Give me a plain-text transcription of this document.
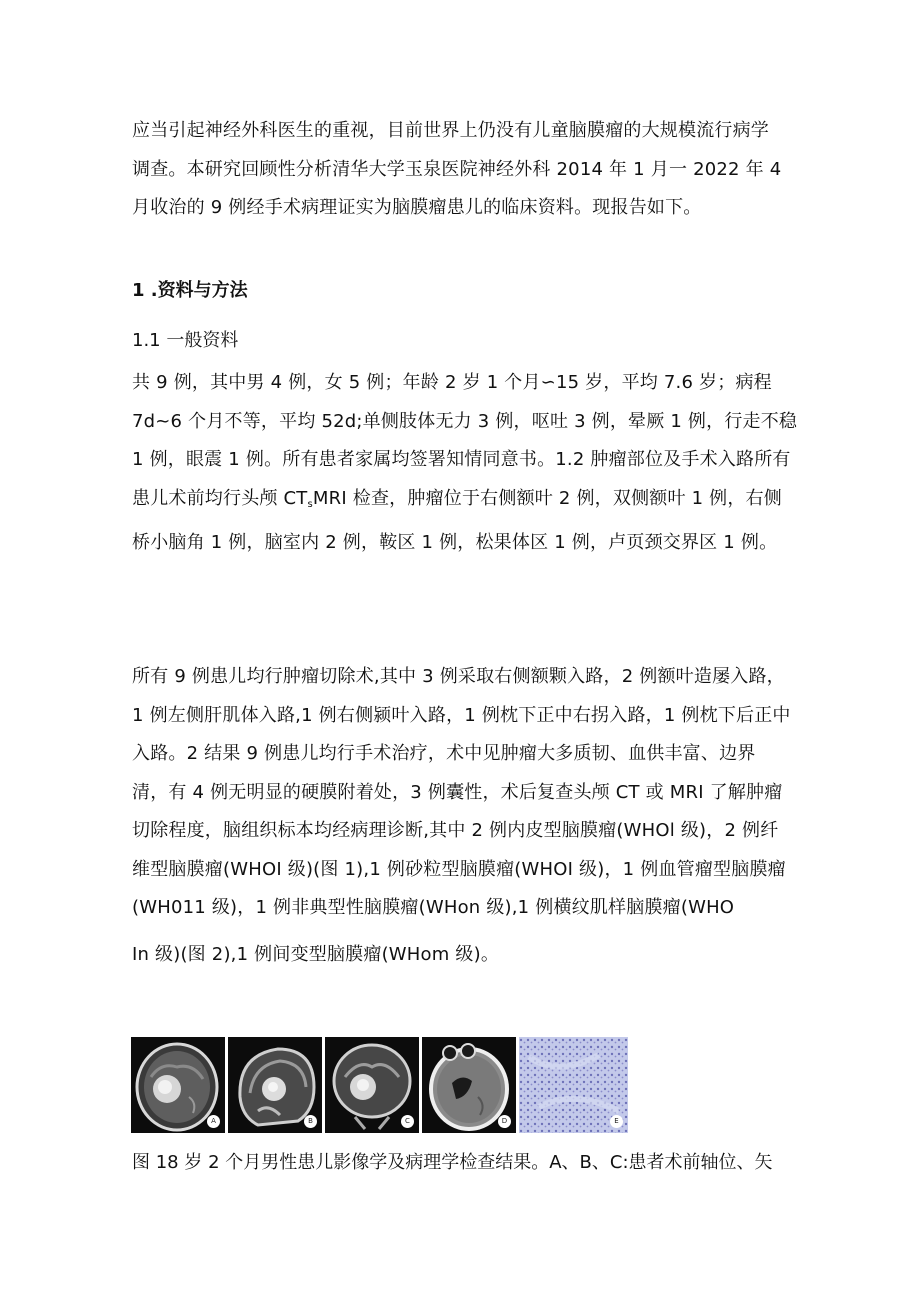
应当引起神经外科医生的重视，目前世界上仍没有儿童脑膜瘤的大规模流行病学
调查。本研究回顾性分析清华大学玉泉医院神经外科 2014 年 1 月一 2022 年 4
月收治的 9 例经手术病理证实为脑膜瘤患儿的临床资料。现报告如下。

1 .资料与方法
1.1 一般资料

共 9 例，其中男 4 例，女 5 例；年龄 2 岁 1 个月∽15 岁，平均 7.6 岁；病程
7d~6 个月不等，平均 52d;单侧肢体无力 3 例，呕吐 3 例，晕厥 1 例，行走不稳
1 例，眼震 1 例。所有患者家属均签署知情同意书。1.2 肿瘤部位及手术入路所有
患儿术前均行头颅 $CT_sMRI$ 检查，肿瘤位于右侧额叶 2 例，双侧额叶 1 例，右侧
桥小脑角 1 例，脑室内 2 例，鞍区 1 例，松果体区 1 例，卢页颈交界区 1 例。

所有 9 例患儿均行肿瘤切除术,其中 3 例采取右侧额颗入路，2 例额叶造屡入路，
1 例左侧肝肌体入路,1 例右侧颍叶入路，1 例枕下正中右拐入路，1 例枕下后正中
入路。2 结果 9 例患儿均行手术治疗，术中见肿瘤大多质韧、血供丰富、边界
清，有 4 例无明显的硬膜附着处，3 例囊性，术后复查头颅 CT 或 MRI 了解肿瘤
切除程度，脑组织标本均经病理诊断,其中 2 例内皮型脑膜瘤(WHOl 级)，2 例纤
维型脑膜瘤(WHOI 级)(图 1),1 例砂粒型脑膜瘤(WHOI 级)，1 例血管瘤型脑膜瘤
(WH011 级)，1 例非典型性脑膜瘤(WHon 级),1 例横纹肌样脑膜瘤(WHO
In 级)(图 2),1 例间变型脑膜瘤(WHom 级)。

A	B	C	D	E

图 18 岁 2 个月男性患儿影像学及病理学检查结果。A、B、C:患者术前轴位、矢
